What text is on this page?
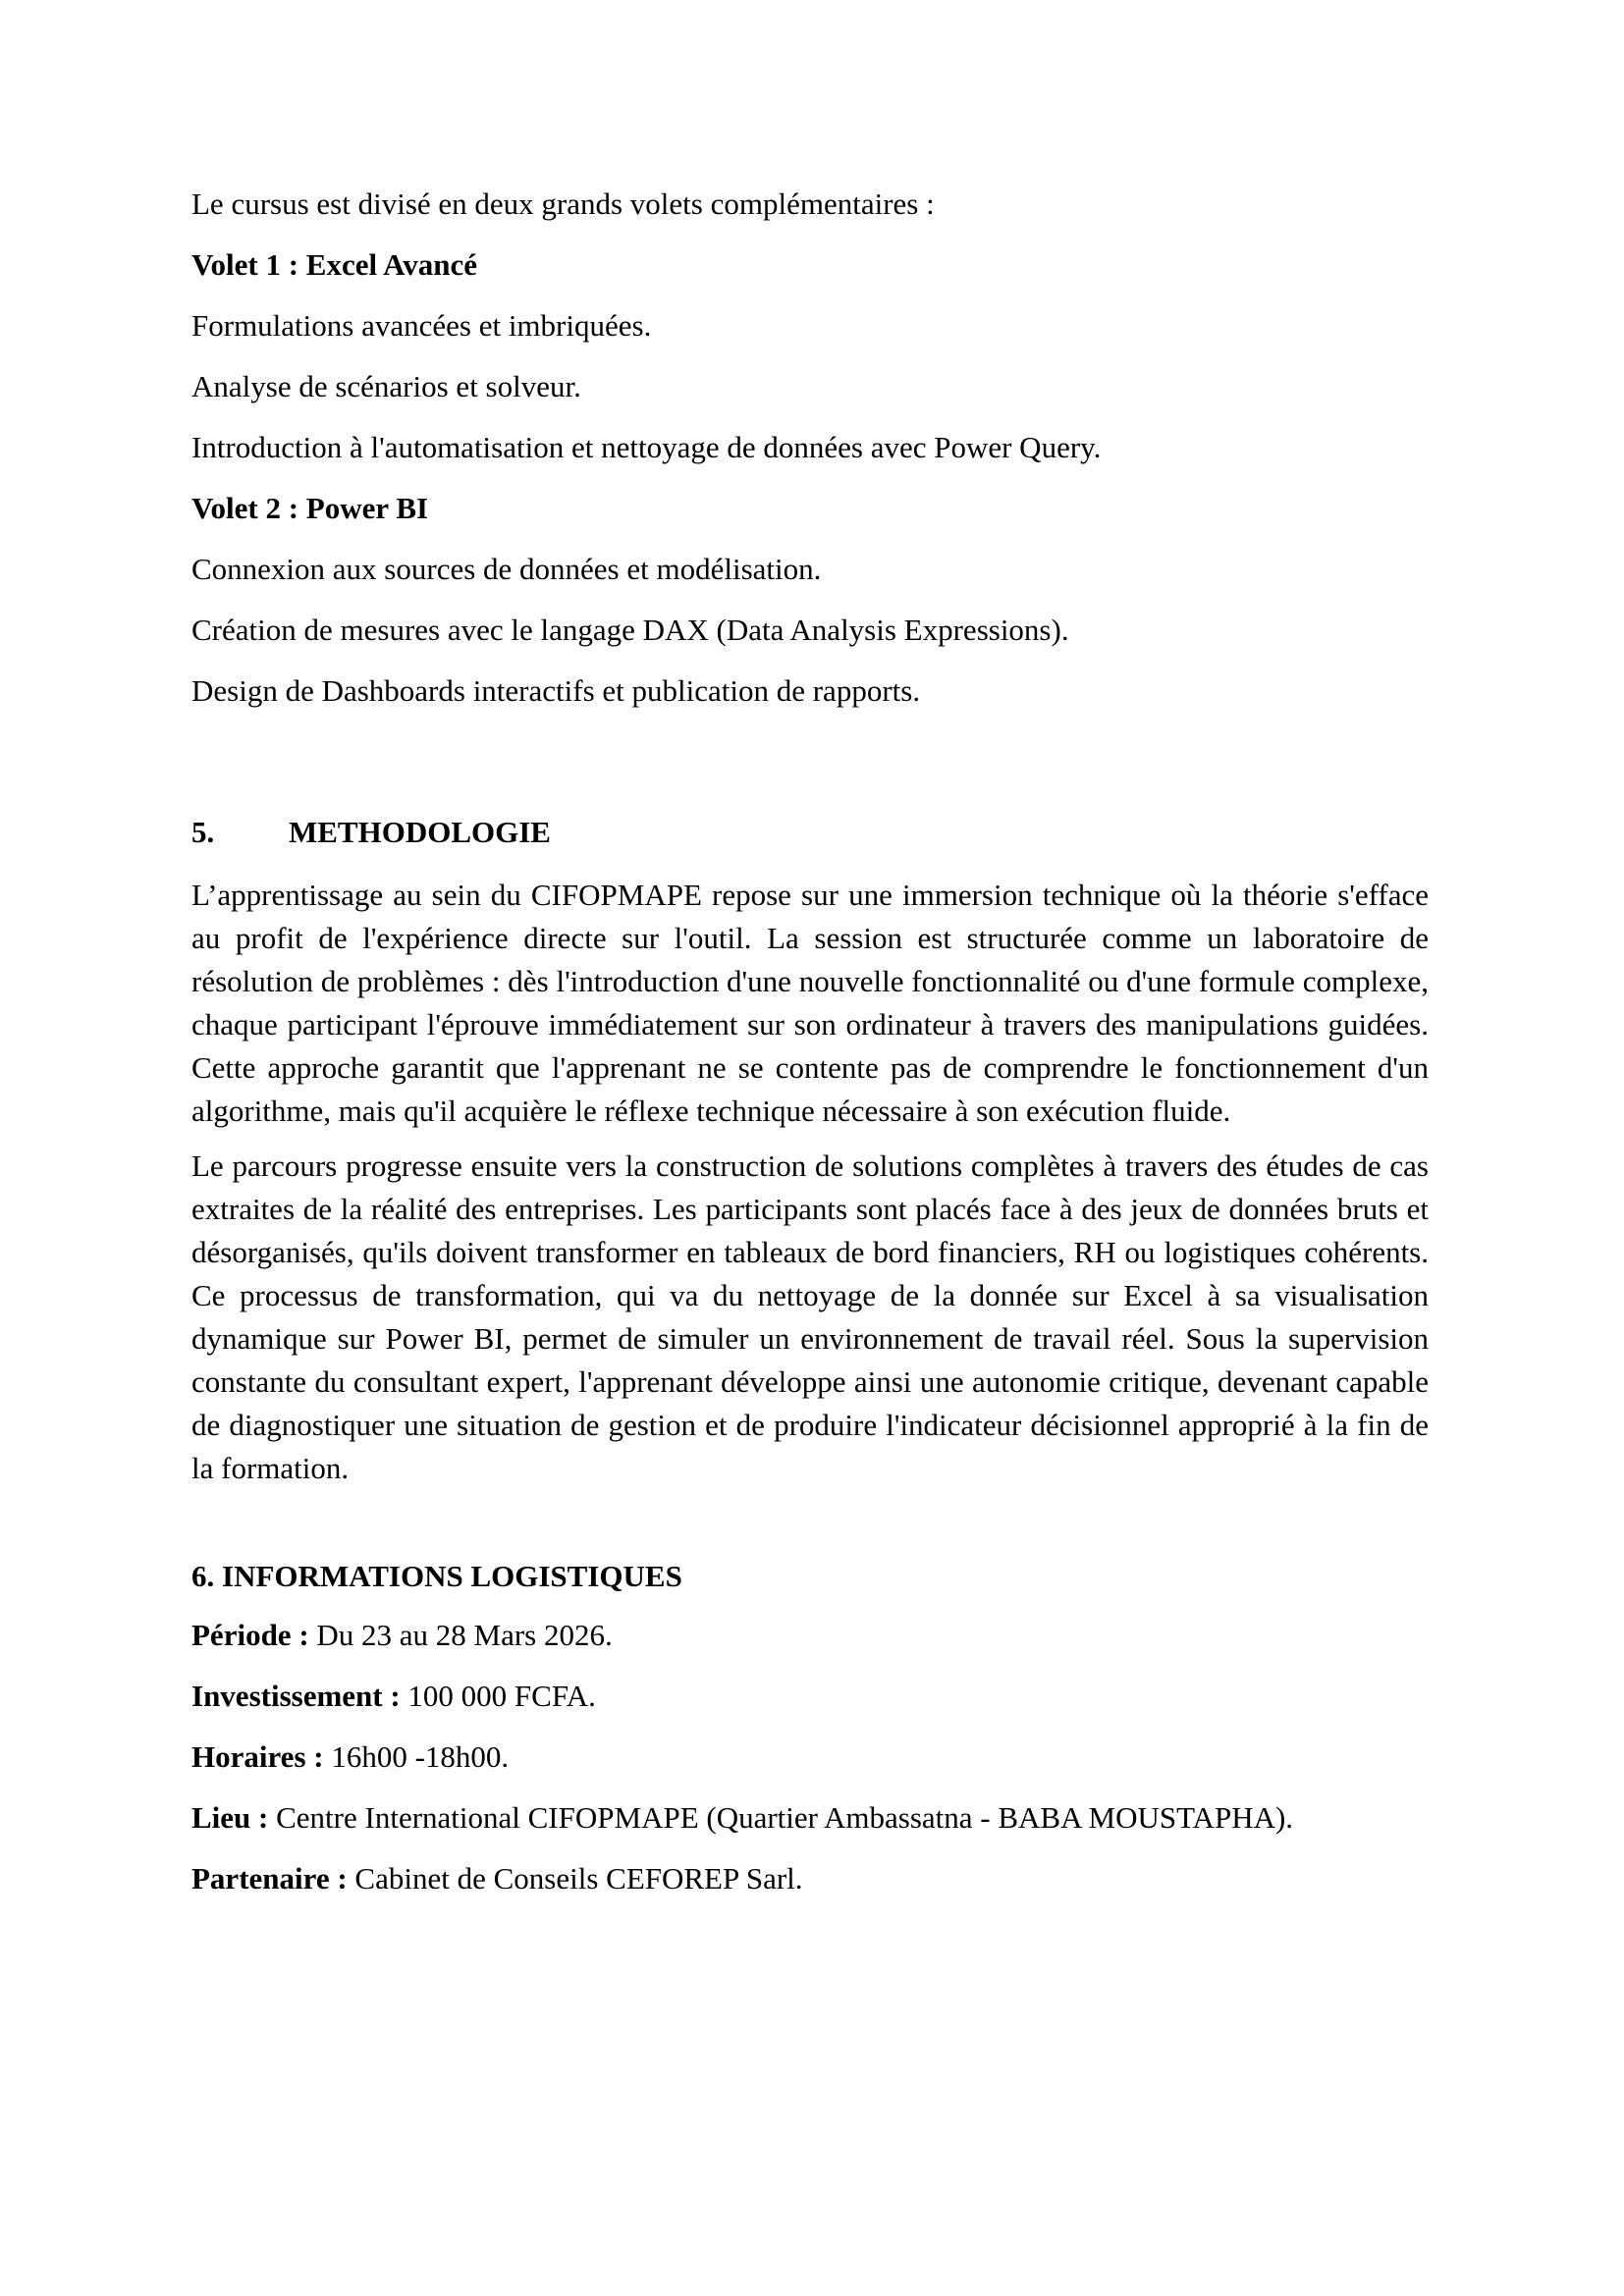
Le cursus est divisé en deux grands volets complémentaires :

Volet 1 : Excel Avancé

Formulations avancées et imbriquées.

Analyse de scénarios et solveur.

Introduction à l'automatisation et nettoyage de données avec Power Query.

Volet 2 : Power BI

Connexion aux sources de données et modélisation.

Création de mesures avec le langage DAX (Data Analysis Expressions).

Design de Dashboards interactifs et publication de rapports.

5. METHODOLOGIE

L’apprentissage au sein du CIFOPMAPE repose sur une immersion technique où la théorie s'efface au profit de l'expérience directe sur l'outil. La session est structurée comme un laboratoire de résolution de problèmes : dès l'introduction d'une nouvelle fonctionnalité ou d'une formule complexe, chaque participant l'éprouve immédiatement sur son ordinateur à travers des manipulations guidées. Cette approche garantit que l'apprenant ne se contente pas de comprendre le fonctionnement d'un algorithme, mais qu'il acquière le réflexe technique nécessaire à son exécution fluide.

Le parcours progresse ensuite vers la construction de solutions complètes à travers des études de cas extraites de la réalité des entreprises. Les participants sont placés face à des jeux de données bruts et désorganisés, qu'ils doivent transformer en tableaux de bord financiers, RH ou logistiques cohérents. Ce processus de transformation, qui va du nettoyage de la donnée sur Excel à sa visualisation dynamique sur Power BI, permet de simuler un environnement de travail réel. Sous la supervision constante du consultant expert, l'apprenant développe ainsi une autonomie critique, devenant capable de diagnostiquer une situation de gestion et de produire l'indicateur décisionnel approprié à la fin de la formation.

6. INFORMATIONS LOGISTIQUES

Période : Du 23 au 28 Mars 2026.

Investissement : 100 000 FCFA.

Horaires : 16h00 -18h00.

Lieu : Centre International CIFOPMAPE (Quartier Ambassatna - BABA MOUSTAPHA).

Partenaire : Cabinet de Conseils CEFOREP Sarl.
